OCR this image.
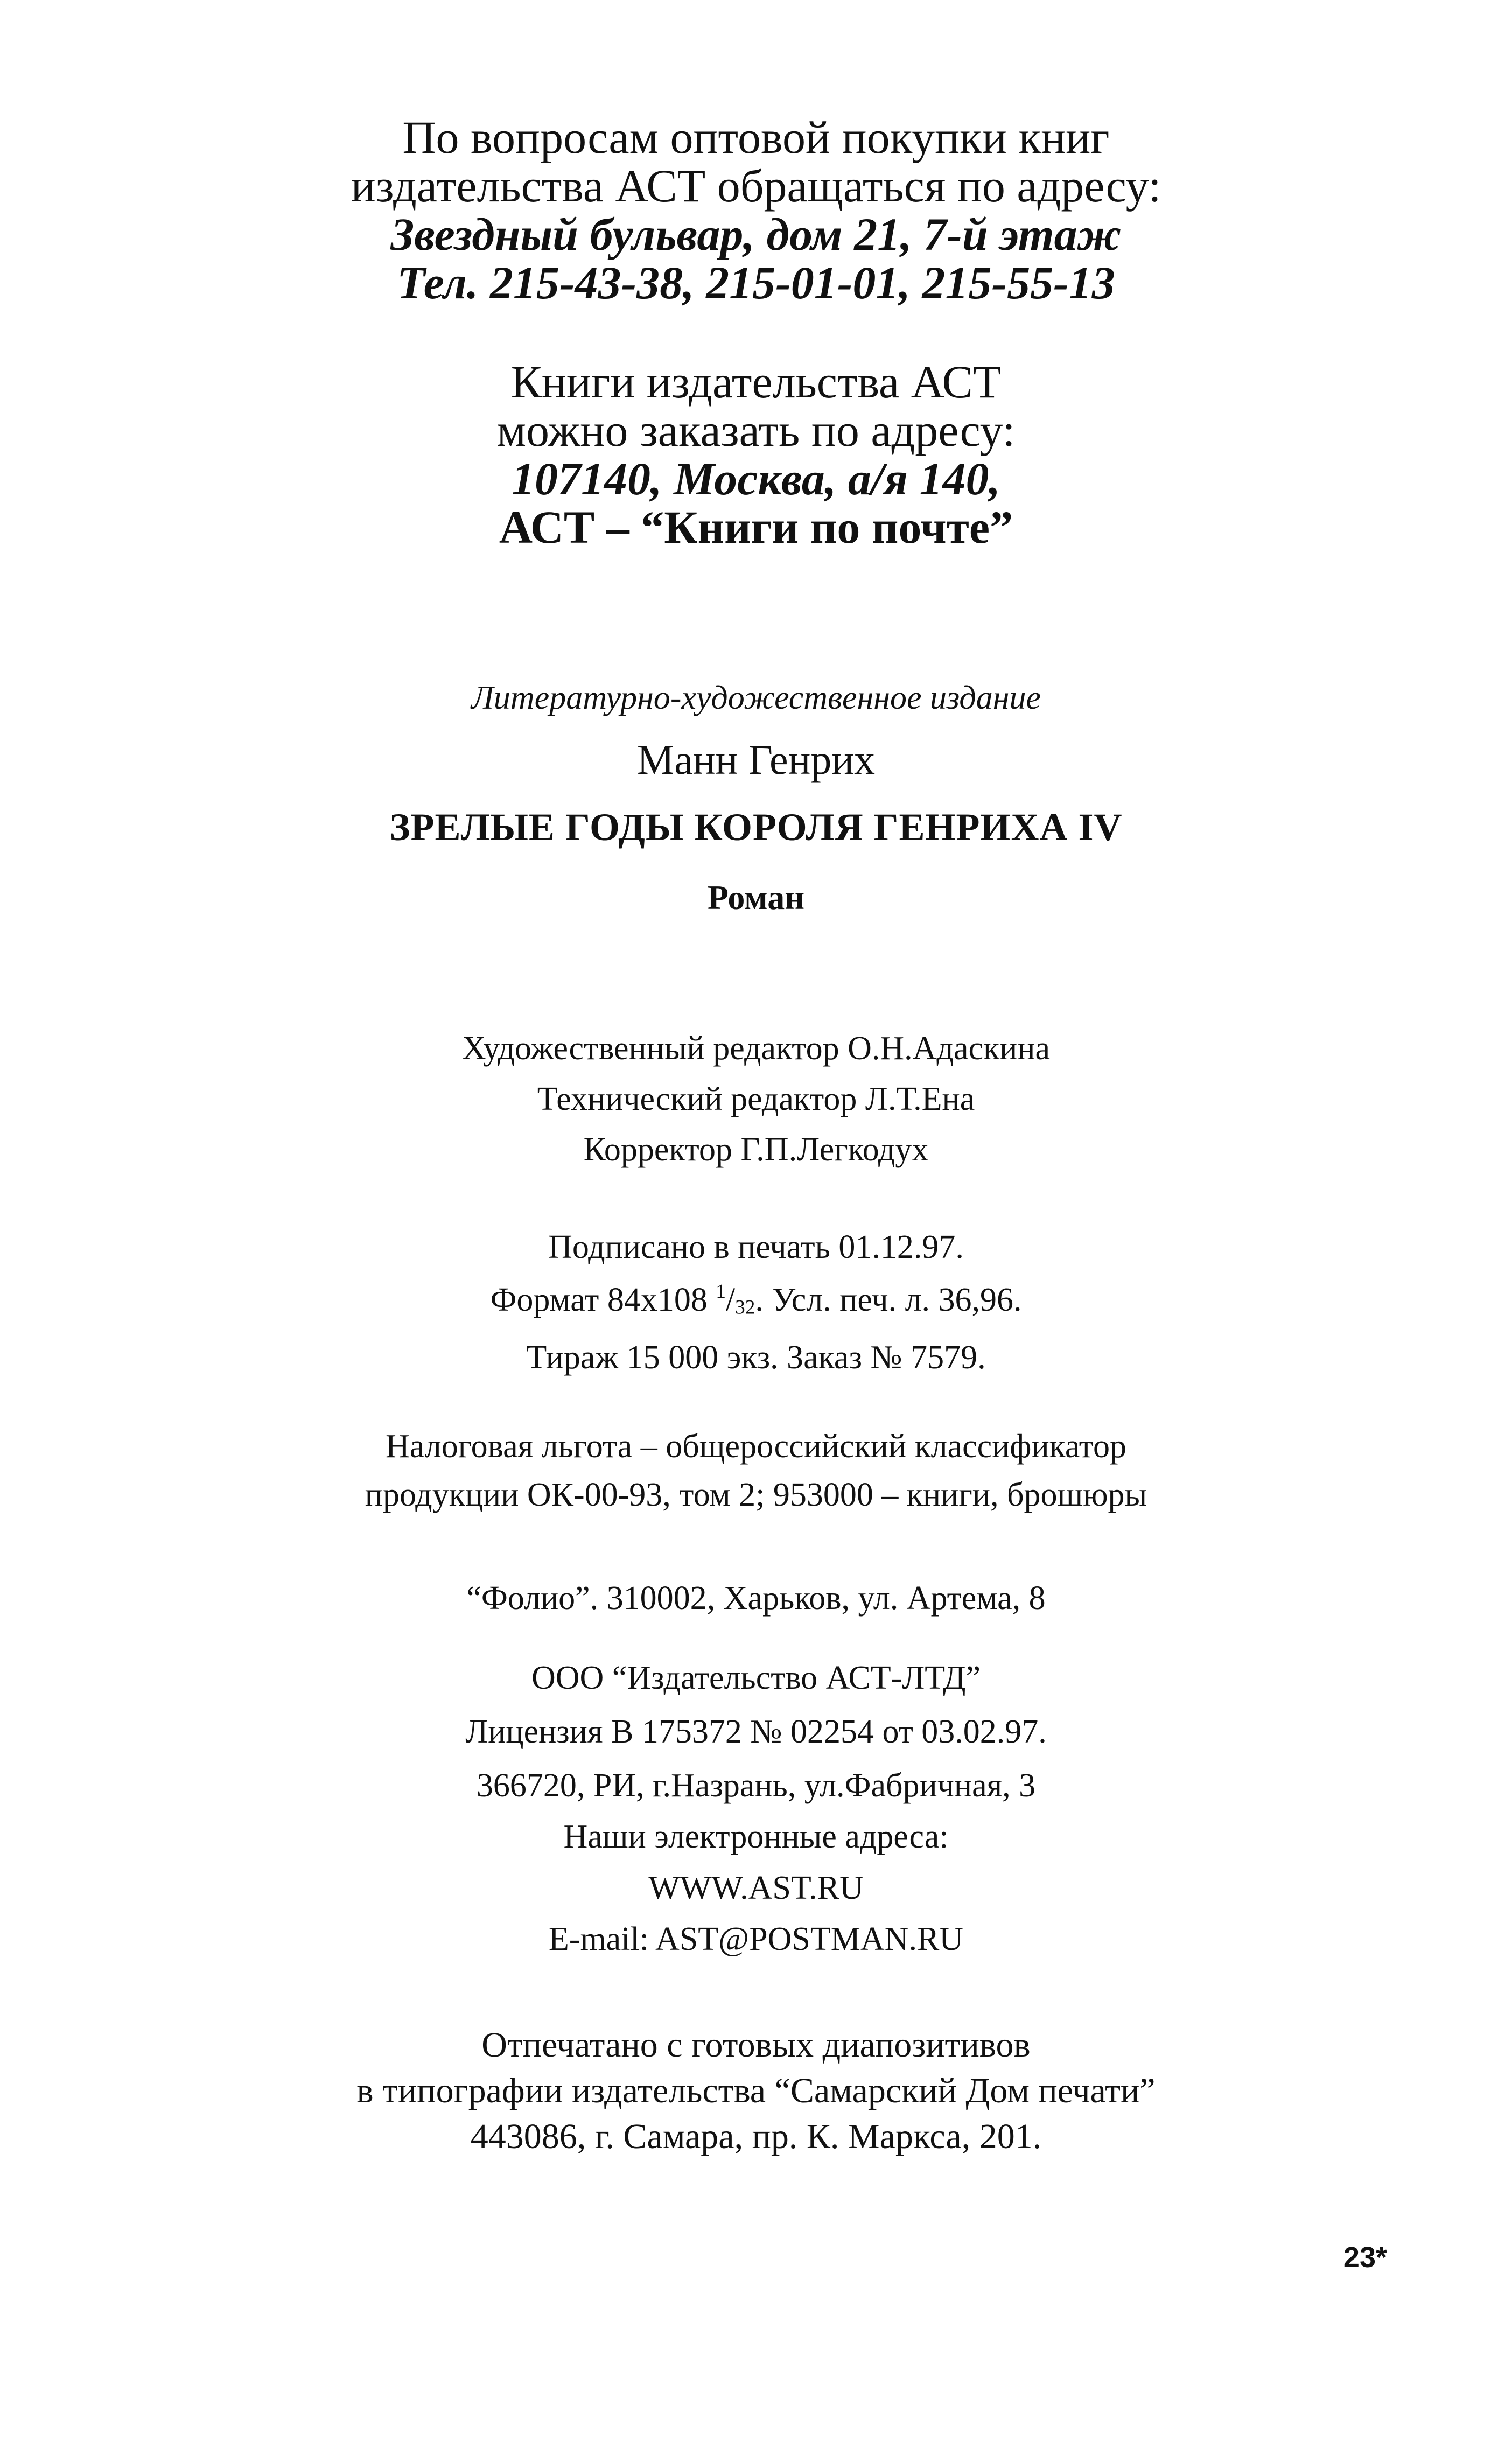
По вопросам оптовой покупки книг
издательства АСТ обращаться по адресу:
Звездный бульвар, дом 21, 7-й этаж
Тел. 215-43-38, 215-01-01, 215-55-13
Книги издательства АСТ
можно заказать по адресу:
107140, Москва, а/я 140,
АСТ – “Книги по почте”
Литературно-художественное издание
Манн Генрих
ЗРЕЛЫЕ ГОДЫ КОРОЛЯ ГЕНРИХА IV
Роман
Художественный редактор О.Н.Адаскина
Технический редактор Л.Т.Ена
Корректор Г.П.Легкодух
Подписано в печать 01.12.97.
Формат 84х108 $^1/_{32}$. Усл. печ. л. 36,96.
Тираж 15 000 экз. Заказ № 7579.
Налоговая льгота – общероссийский классификатор
продукции ОК-00-93, том 2; 953000 – книги, брошюры
“Фолио”. 310002, Харьков, ул. Артема, 8
ООО “Издательство АСТ-ЛТД”
Лицензия В 175372 № 02254 от 03.02.97.
366720, РИ, г.Назрань, ул.Фабричная, 3
Наши электронные адреса:
WWW.AST.RU
E-mail: AST@POSTMAN.RU
Отпечатано с готовых диапозитивов
в типографии издательства “Самарский Дом печати”
443086, г. Самара, пр. К. Маркса, 201.
23*
